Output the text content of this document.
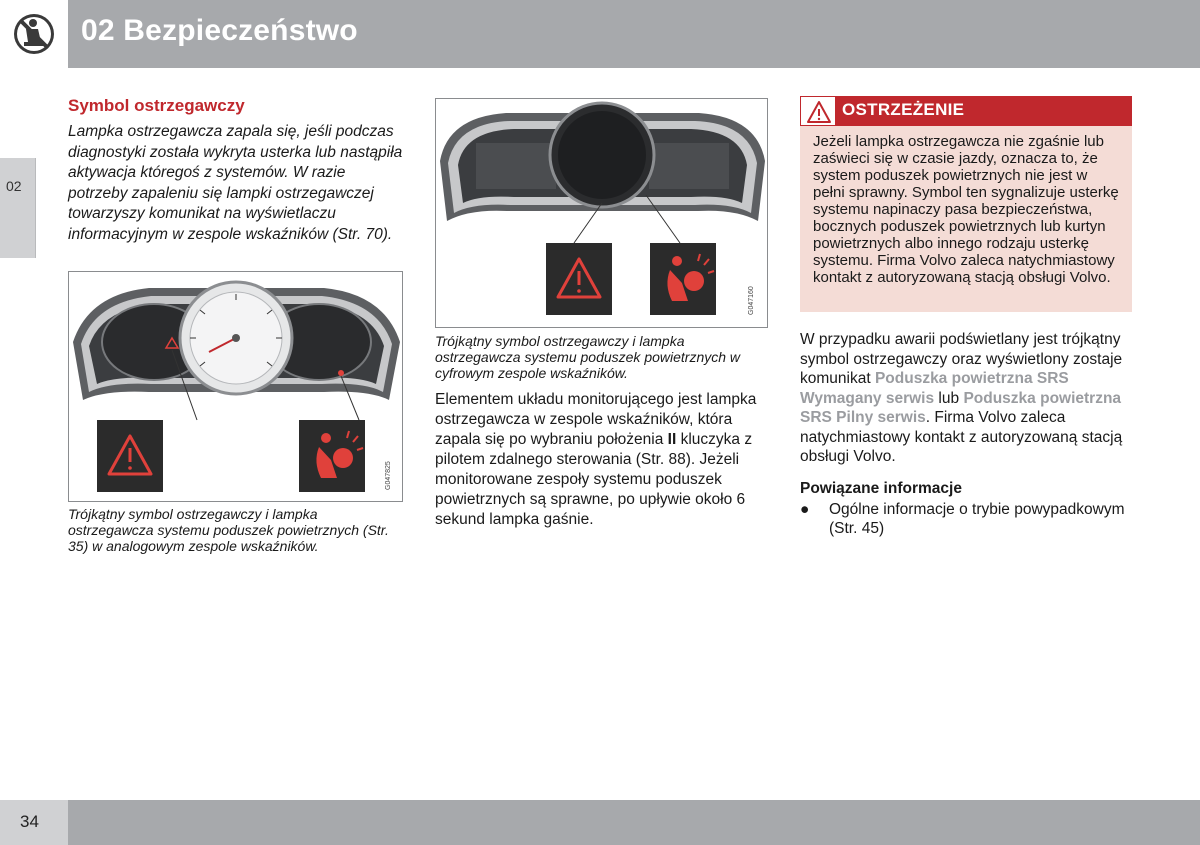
02 Bezpieczeństwo
02
Symbol ostrzegawczy
Lampka ostrzegawcza zapala się, jeśli podczas diagnostyki została wykryta usterka lub nastąpiła aktywacja któregoś z systemów. W razie potrzeby zapaleniu się lampki ostrzegawczej towarzyszy komunikat na wyświetlaczu informacyjnym w zespole wskaźników (Str. 70).
G047825
Trójkątny symbol ostrzegawczy i lampka ostrzegawcza systemu poduszek powietrznych (Str. 35) w analogowym zespole wskaźników.
G047160
Trójkątny symbol ostrzegawczy i lampka ostrzegawcza systemu poduszek powietrznych w cyfrowym zespole wskaźników.
Elementem układu monitorującego jest lampka ostrzegawcza w zespole wskaźników, która zapala się po wybraniu położenia II kluczyka z pilotem zdalnego sterowania (Str. 88). Jeżeli monitorowane zespoły systemu poduszek powietrznych są sprawne, po upływie około 6 sekund lampka gaśnie.
OSTRZEŻENIE
Jeżeli lampka ostrzegawcza nie zgaśnie lub zaświeci się w czasie jazdy, oznacza to, że system poduszek powietrznych nie jest w pełni sprawny. Symbol ten sygnalizuje usterkę systemu napinaczy pasa bezpieczeństwa, bocznych poduszek powietrznych lub kurtyn powietrznych albo innego rodzaju usterkę systemu. Firma Volvo zaleca natychmiastowy kontakt z autoryzowaną stacją obsługi Volvo.
W przypadku awarii podświetlany jest trójkątny symbol ostrzegawczy oraz wyświetlony zostaje komunikat Poduszka powietrzna SRS Wymagany serwis lub Poduszka powietrzna SRS Pilny serwis. Firma Volvo zaleca natychmiastowy kontakt z autoryzowaną stacją obsługi Volvo.
Powiązane informacje
● Ogólne informacje o trybie powypadkowym (Str. 45)
34
